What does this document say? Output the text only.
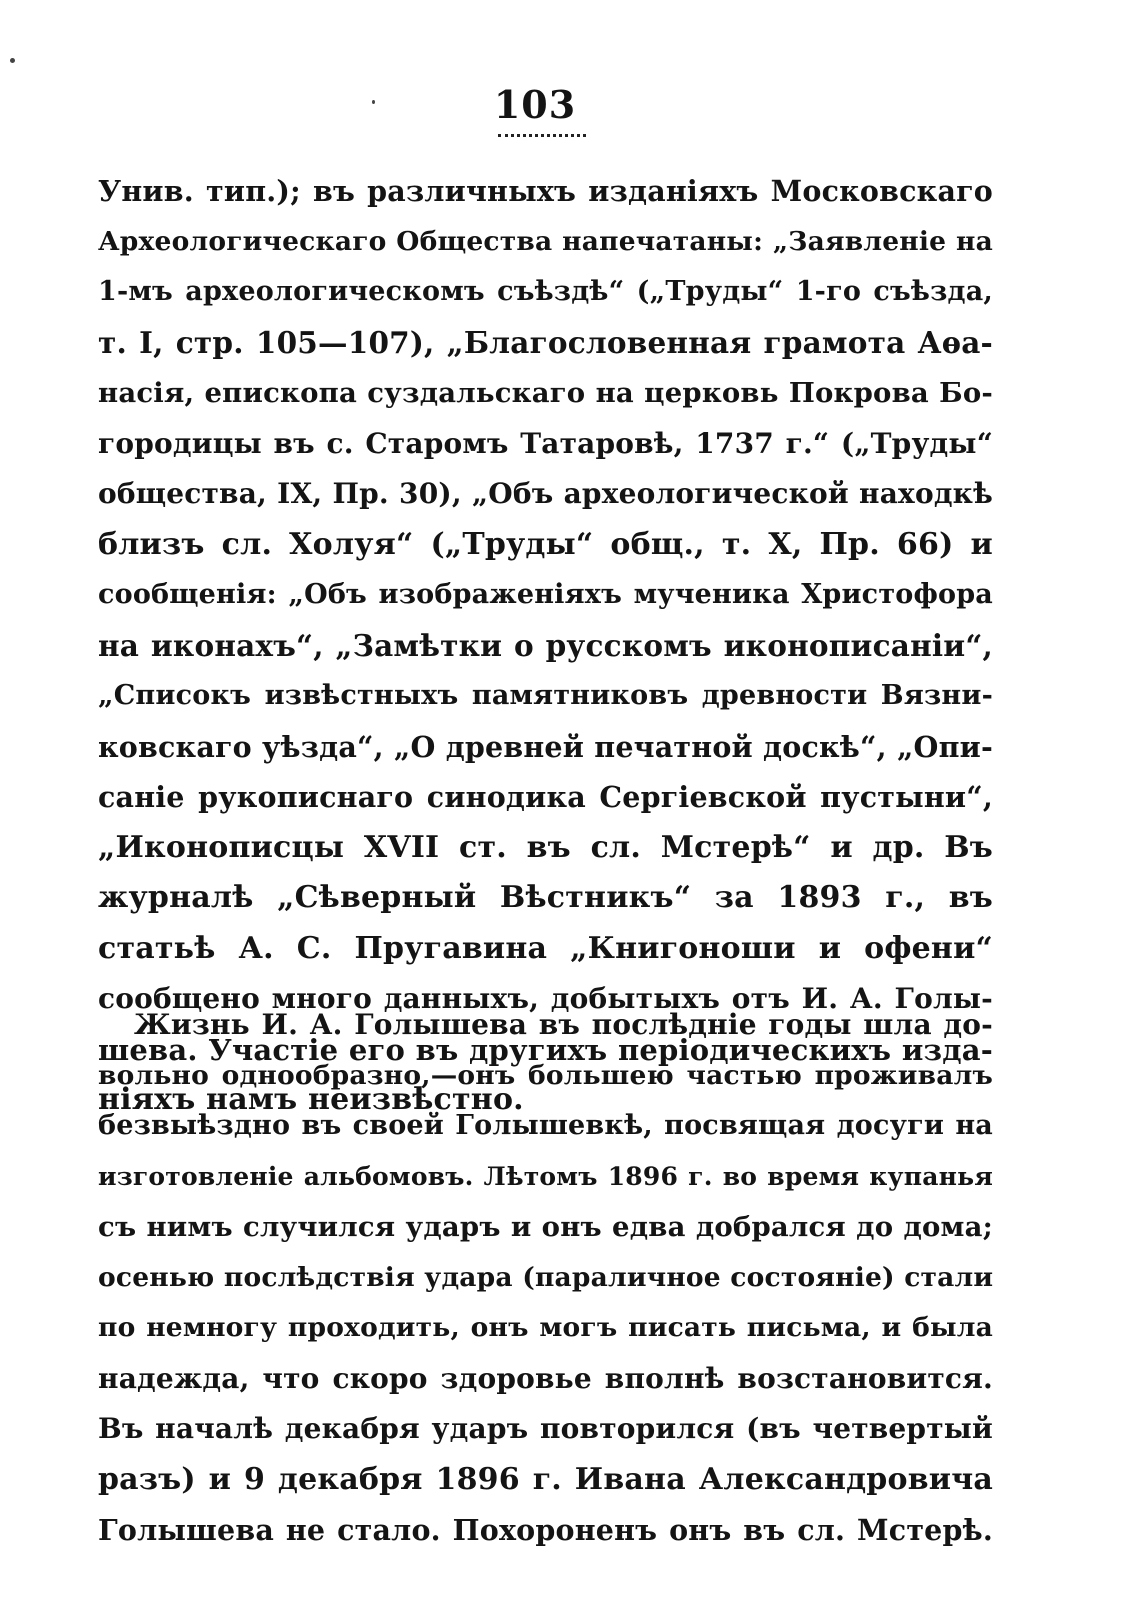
103
Унив. тип.); въ различныхъ изданіяхъ Московскаго
Археологическаго Общества напечатаны: „Заявленіе на
1-мъ археологическомъ съѣздѣ“ („Труды“ 1-го съѣзда,
т. I, стр. 105—107), „Благословенная грамота Аѳа-
насія, епископа суздальскаго на церковь Покрова Бо-
городицы въ с. Старомъ Татаровѣ, 1737 г.“ („Труды“
общества, IX, Пр. 30), „Объ археологической находкѣ
близъ сл. Холуя“ („Труды“ общ., т. X, Пр. 66) и
сообщенія: „Объ изображеніяхъ мученика Христофора
на иконахъ“, „Замѣтки о русскомъ иконописаніи“,
„Списокъ извѣстныхъ памятниковъ древности Вязни-
ковскаго уѣзда“, „О древней печатной доскѣ“, „Опи-
саніе рукописнаго синодика Сергіевской пустыни“,
„Иконописцы XVII ст. въ сл. Мстерѣ“ и др. Въ
журналѣ „Сѣверный Вѣстникъ“ за 1893 г., въ
статьѣ А. С. Пругавина „Книгоноши и офени“
сообщено много данныхъ, добытыхъ отъ И. А. Голы-
шева. Участіе его въ другихъ періодическихъ изда-
ніяхъ намъ неизвѣстно.
Жизнь И. А. Голышева въ послѣдніе годы шла до-
вольно однообразно,—онъ большею частью проживалъ
безвыѣздно въ своей Голышевкѣ, посвящая досуги на
изготовленіе альбомовъ. Лѣтомъ 1896 г. во время купанья
съ нимъ случился ударъ и онъ едва добрался до дома;
осенью послѣдствія удара (параличное состояніе) стали
по немногу проходить, онъ могъ писать письма, и была
надежда, что скоро здоровье вполнѣ возстановится.
Въ началѣ декабря ударъ повторился (въ четвертый
разъ) и 9 декабря 1896 г. Ивана Александровича
Голышева не стало. Похороненъ онъ въ сл. Мстерѣ.
